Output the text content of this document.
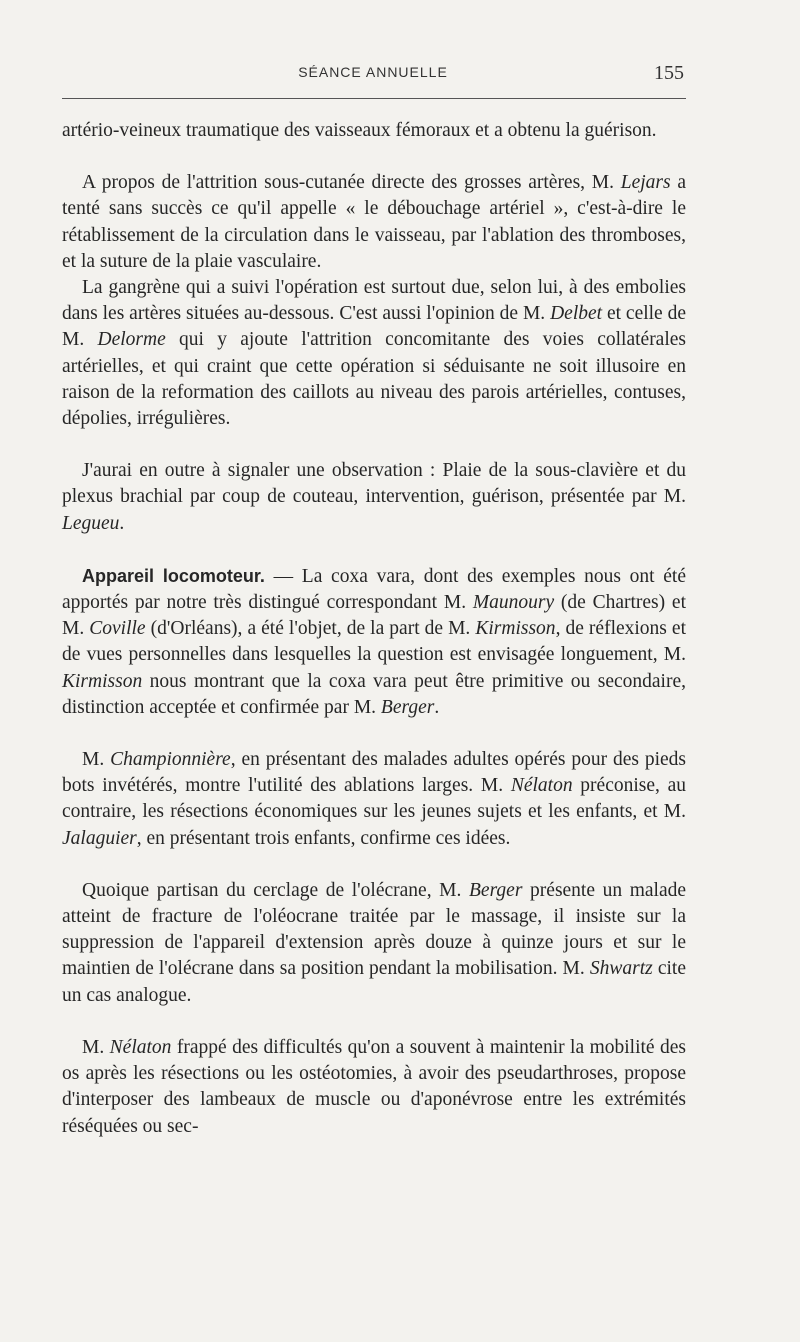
SÉANCE ANNUELLE	155

artério-veineux traumatique des vaisseaux fémoraux et a obtenu la guérison.

A propos de l'attrition sous-cutanée directe des grosses artères, M. Lejars a tenté sans succès ce qu'il appelle « le débouchage artériel », c'est-à-dire le rétablissement de la circulation dans le vaisseau, par l'ablation des thromboses, et la suture de la plaie vasculaire.

La gangrène qui a suivi l'opération est surtout due, selon lui, à des embolies dans les artères situées au-dessous. C'est aussi l'opinion de M. Delbet et celle de M. Delorme qui y ajoute l'attrition concomitante des voies collatérales artérielles, et qui craint que cette opération si séduisante ne soit illusoire en raison de la reformation des caillots au niveau des parois artérielles, contuses, dépolies, irrégulières.

J'aurai en outre à signaler une observation : Plaie de la sous-clavière et du plexus brachial par coup de couteau, intervention, guérison, présentée par M. Legueu.

Appareil locomoteur. — La coxa vara, dont des exemples nous ont été apportés par notre très distingué correspondant M. Maunoury (de Chartres) et M. Coville (d'Orléans), a été l'objet, de la part de M. Kirmisson, de réflexions et de vues personnelles dans lesquelles la question est envisagée longuement, M. Kirmisson nous montrant que la coxa vara peut être primitive ou secondaire, distinction acceptée et confirmée par M. Berger.

M. Championnière, en présentant des malades adultes opérés pour des pieds bots invétérés, montre l'utilité des ablations larges. M. Nélaton préconise, au contraire, les résections économiques sur les jeunes sujets et les enfants, et M. Jalaguier, en présentant trois enfants, confirme ces idées.

Quoique partisan du cerclage de l'olécrane, M. Berger présente un malade atteint de fracture de l'oléocrane traitée par le massage, il insiste sur la suppression de l'appareil d'extension après douze à quinze jours et sur le maintien de l'olécrane dans sa position pendant la mobilisation. M. Shwartz cite un cas analogue.

M. Nélaton frappé des difficultés qu'on a souvent à maintenir la mobilité des os après les résections ou les ostéotomies, à avoir des pseudarthroses, propose d'interposer des lambeaux de muscle ou d'aponévrose entre les extrémités réséquées ou sec-
